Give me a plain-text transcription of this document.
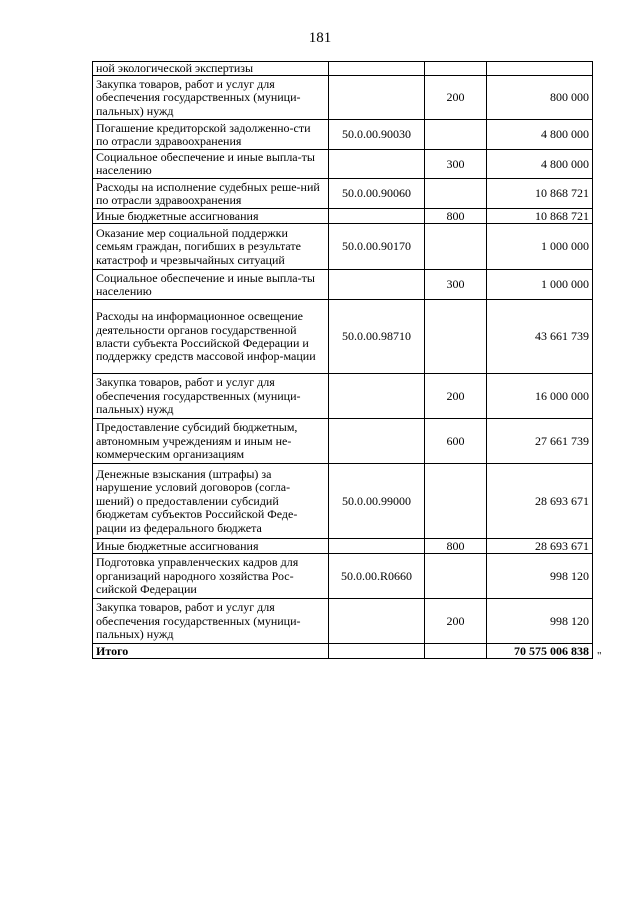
181
ной экологической экспертизы			
Закупка товаров, работ и услуг для обеспечения государственных (муници-пальных) нужд		200	800 000
Погашение кредиторской задолженно-сти по отрасли здравоохранения	50.0.00.90030		4 800 000
Социальное обеспечение и иные выпла-ты населению		300	4 800 000
Расходы на исполнение судебных реше-ний по отрасли здравоохранения	50.0.00.90060		10 868 721
Иные бюджетные ассигнования		800	10 868 721
Оказание мер социальной поддержки семьям граждан, погибших в результате катастроф и чрезвычайных ситуаций	50.0.00.90170		1 000 000
Социальное обеспечение и иные выпла-ты населению		300	1 000 000
Расходы на информационное освещение деятельности органов государственной власти субъекта Российской Федерации и поддержку средств массовой инфор-мации	50.0.00.98710		43 661 739
Закупка товаров, работ и услуг для обеспечения государственных (муници-пальных) нужд		200	16 000 000
Предоставление субсидий бюджетным, автономным учреждениям и иным не-коммерческим организациям		600	27 661 739
Денежные взыскания (штрафы) за нарушение условий договоров (согла-шений) о предоставлении субсидий бюджетам субъектов Российской Феде-рации из федерального бюджета	50.0.00.99000		28 693 671
Иные бюджетные ассигнования		800	28 693 671
Подготовка управленческих кадров для организаций народного хозяйства Рос-сийской Федерации	50.0.00.R0660		998 120
Закупка товаров, работ и услуг для обеспечения государственных (муници-пальных) нужд		200	998 120
Итого			70 575 006 838 "
